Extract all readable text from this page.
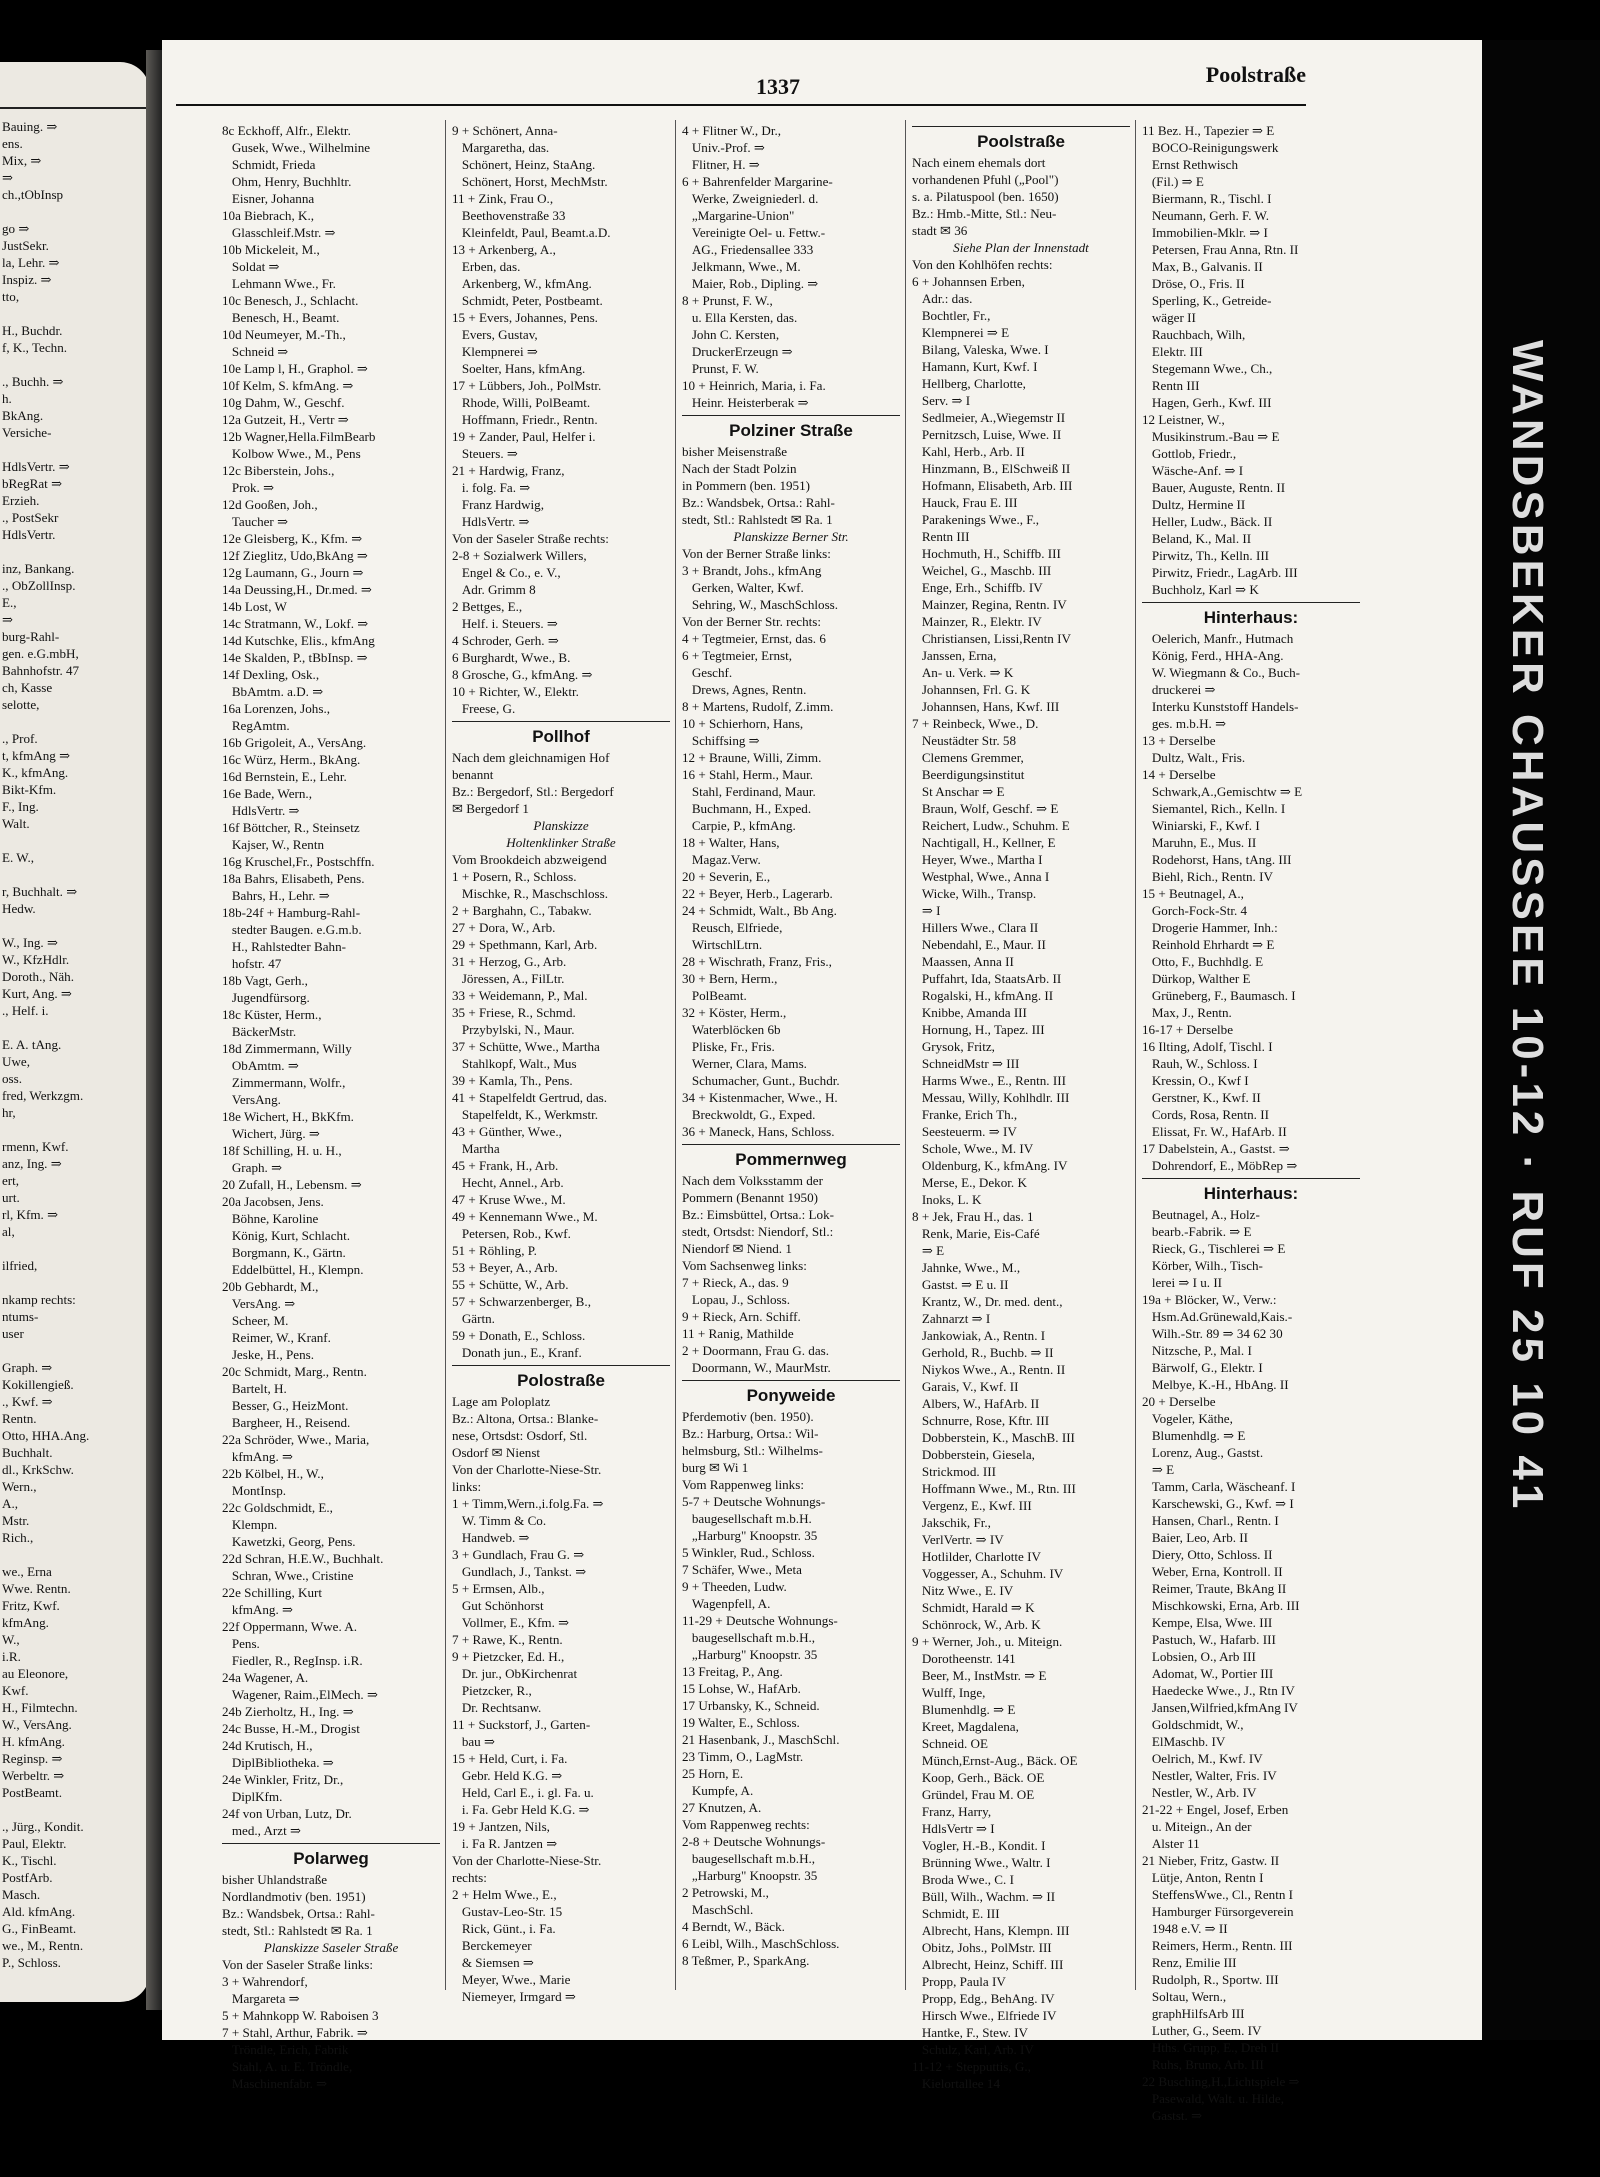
Bauing. ⇒
ens.
Mix, ⇒
⇒
ch.,tObInsp

go ⇒
JustSekr.
la, Lehr. ⇒
Inspiz. ⇒
tto,

H., Buchdr.
f, K., Techn.

., Buchh. ⇒
h.
BkAng.
Versiche-

HdlsVertr. ⇒
bRegRat ⇒
Erzieh.
., PostSekr
HdlsVertr.

inz, Bankang.
., ObZollInsp.
E.,
⇒
burg-Rahl-
gen. e.G.mbH,
Bahnhofstr. 47
ch, Kasse
selotte,

., Prof.
t, kfmAng ⇒
K., kfmAng.
Bikt-Kfm.
F., Ing.
Walt.

E. W.,

r, Buchhalt. ⇒
Hedw.

W., Ing. ⇒
W., KfzHdlr.
Doroth., Näh.
Kurt, Ang. ⇒
., Helf. i.

E. A. tAng.
Uwe,
oss.
fred, Werkzgm.
hr,

rmenn, Kwf.
anz, Ing. ⇒
ert,
urt.
rl, Kfm. ⇒
al,

ilfried,

nkamp rechts:
ntums-
user

Graph. ⇒
Kokillengieß.
., Kwf. ⇒
Rentn.
Otto, HHA.Ang.
Buchhalt.
dl., KrkSchw.
Wern.,
A.,
Mstr.
Rich.,

we., Erna
Wwe. Rentn.
Fritz, Kwf.
kfmAng.
W.,
i.R.
au Eleonore,
Kwf.
H., Filmtechn.
W., VersAng.
H. kfmAng.
Reginsp. ⇒
Werbeltr. ⇒
PostBeamt.

., Jürg., Kondit.
Paul, Elektr.
K., Tischl.
PostfArb.
Masch.
Ald. kfmAng.
G., FinBeamt.
we., M., Rentn.
P., Schloss.
1337	Poolstraße
8c Eckhoff, Alfr., Elektr.
Gusek, Wwe., Wilhelmine
Schmidt, Frieda
Ohm, Henry, Buchhltr.
Eisner, Johanna
10a Biebrach, K.,
Glasschleif.Mstr. ⇒
10b Mickeleit, M.,
Soldat ⇒
Lehmann Wwe., Fr.
10c Benesch, J., Schlacht.
Benesch, H., Beamt.
10d Neumeyer, M.-Th.,
Schneid ⇒
10e Lamp l, H., Graphol. ⇒
10f Kelm, S. kfmAng. ⇒
10g Dahm, W., Geschf.
12a Gutzeit, H., Vertr ⇒
12b Wagner,Hella.FilmBearb
Kolbow Wwe., M., Pens
12c Biberstein, Johs.,
Prok. ⇒
12d Gooßen, Joh.,
Taucher ⇒
12e Gleisberg, K., Kfm. ⇒
12f Zieglitz, Udo,BkAng ⇒
12g Laumann, G., Journ ⇒
14a Deussing,H., Dr.med. ⇒
14b Lost, W
14c Stratmann, W., Lokf. ⇒
14d Kutschke, Elis., kfmAng
14e Skalden, P., tBbInsp. ⇒
14f Dexling, Osk.,
BbAmtm. a.D. ⇒
16a Lorenzen, Johs.,
RegAmtm.
16b Grigoleit, A., VersAng.
16c Würz, Herm., BkAng.
16d Bernstein, E., Lehr.
16e Bade, Wern.,
HdlsVertr. ⇒
16f Böttcher, R., Steinsetz
Kajser, W., Rentn
16g Kruschel,Fr., Postschffn.
18a Bahrs, Elisabeth, Pens.
Bahrs, H., Lehr. ⇒
18b-24f + Hamburg-Rahl-
stedter Baugen. e.G.m.b.
H., Rahlstedter Bahn-
hofstr. 47
18b Vagt, Gerh.,
Jugendfürsorg.
18c Küster, Herm.,
BäckerMstr.
18d Zimmermann, Willy
ObAmtm. ⇒
Zimmermann, Wolfr.,
VersAng.
18e Wichert, H., BkKfm.
Wichert, Jürg. ⇒
18f Schilling, H. u. H.,
Graph. ⇒
20 Zufall, H., Lebensm. ⇒
20a Jacobsen, Jens.
Böhne, Karoline
König, Kurt, Schlacht.
Borgmann, K., Gärtn.
Eddelbüttel, H., Klempn.
20b Gebhardt, M.,
VersAng. ⇒
Scheer, M.
Reimer, W., Kranf.
Jeske, H., Pens.
20c Schmidt, Marg., Rentn.
Bartelt, H.
Besser, G., HeizMont.
Bargheer, H., Reisend.
22a Schröder, Wwe., Maria,
kfmAng. ⇒
22b Kölbel, H., W.,
MontInsp.
22c Goldschmidt, E.,
Klempn.
Kawetzki, Georg, Pens.
22d Schran, H.E.W., Buchhalt.
Schran, Wwe., Cristine
22e Schilling, Kurt
kfmAng. ⇒
22f Oppermann, Wwe. A.
Pens.
Fiedler, R., RegInsp. i.R.
24a Wagener, A.
Wagener, Raim.,ElMech. ⇒
24b Zierholtz, H., Ing. ⇒
24c Busse, H.-M., Drogist
24d Krutisch, H.,
DiplBibliotheka. ⇒
24e Winkler, Fritz, Dr.,
DiplKfm.
24f von Urban, Lutz, Dr.
med., Arzt ⇒
Polarweg
bisher Uhlandstraße
Nordlandmotiv (ben. 1951)
Bz.: Wandsbek, Ortsa.: Rahl-
stedt, Stl.: Rahlstedt ✉ Ra. 1
Planskizze Saseler Straße
Von der Saseler Straße links:
3 + Wahrendorf,
Margareta ⇒
5 + Mahnkopp W. Raboisen 3
7 + Stahl, Arthur, Fabrik. ⇒
Tröndle, Erich, Fabrik
Stahl, A. u. E. Tröndle,
Maschinenfabr. ⇒
9 + Schönert, Anna-
Margaretha, das.
Schönert, Heinz, StaAng.
Schönert, Horst, MechMstr.
11 + Zink, Frau O.,
Beethovenstraße 33
Kleinfeldt, Paul, Beamt.a.D.
13 + Arkenberg, A.,
Erben, das.
Arkenberg, W., kfmAng.
Schmidt, Peter, Postbeamt.
15 + Evers, Johannes, Pens.
Evers, Gustav,
Klempnerei ⇒
Soelter, Hans, kfmAng.
17 + Lübbers, Joh., PolMstr.
Rhode, Willi, PolBeamt.
Hoffmann, Friedr., Rentn.
19 + Zander, Paul, Helfer i.
Steuers. ⇒
21 + Hardwig, Franz,
i. folg. Fa. ⇒
Franz Hardwig,
HdlsVertr. ⇒
Von der Saseler Straße rechts:
2-8 + Sozialwerk Willers,
Engel & Co., e. V.,
Adr. Grimm 8
2 Bettges, E.,
Helf. i. Steuers. ⇒
4 Schroder, Gerh. ⇒
6 Burghardt, Wwe., B.
8 Grosche, G., kfmAng. ⇒
10 + Richter, W., Elektr.
Freese, G.
Pollhof
Nach dem gleichnamigen Hof
benannt
Bz.: Bergedorf, Stl.: Bergedorf
✉ Bergedorf 1
Planskizze
Holtenklinker Straße
Vom Brookdeich abzweigend
1 + Posern, R., Schloss.
Mischke, R., Maschschloss.
2 + Barghahn, C., Tabakw.
27 + Dora, W., Arb.
29 + Spethmann, Karl, Arb.
31 + Herzog, G., Arb.
Jöressen, A., FilLtr.
33 + Weidemann, P., Mal.
35 + Friese, R., Schmd.
Przybylski, N., Maur.
37 + Schütte, Wwe., Martha
Stahlkopf, Walt., Mus
39 + Kamla, Th., Pens.
41 + Stapelfeldt Gertrud, das.
Stapelfeldt, K., Werkmstr.
43 + Günther, Wwe.,
Martha
45 + Frank, H., Arb.
Hecht, Annel., Arb.
47 + Kruse Wwe., M.
49 + Kennemann Wwe., M.
Petersen, Rob., Kwf.
51 + Röhling, P.
53 + Beyer, A., Arb.
55 + Schütte, W., Arb.
57 + Schwarzenberger, B.,
Gärtn.
59 + Donath, E., Schloss.
Donath jun., E., Kranf.
Polostraße
Lage am Poloplatz
Bz.: Altona, Ortsa.: Blanke-
nese, Ortsdst: Osdorf, Stl.
Osdorf ✉ Nienst
Von der Charlotte-Niese-Str.
links:
1 + Timm,Wern.,i.folg.Fa. ⇒
W. Timm & Co.
Handweb. ⇒
3 + Gundlach, Frau G. ⇒
Gundlach, J., Tankst. ⇒
5 + Ermsen, Alb.,
Gut Schönhorst
Vollmer, E., Kfm. ⇒
7 + Rawe, K., Rentn.
9 + Pietzcker, Ed. H.,
Dr. jur., ObKirchenrat
Pietzcker, R.,
Dr. Rechtsanw.
11 + Suckstorf, J., Garten-
bau ⇒
15 + Held, Curt, i. Fa.
Gebr. Held K.G. ⇒
Held, Carl E., i. gl. Fa. u.
i. Fa. Gebr Held K.G. ⇒
19 + Jantzen, Nils,
i. Fa R. Jantzen ⇒
Von der Charlotte-Niese-Str.
rechts:
2 + Helm Wwe., E.,
Gustav-Leo-Str. 15
Rick, Günt., i. Fa.
Berckemeyer
& Siemsen ⇒
Meyer, Wwe., Marie
Niemeyer, Irmgard ⇒
4 + Flitner W., Dr.,
Univ.-Prof. ⇒
Flitner, H. ⇒
6 + Bahrenfelder Margarine-
Werke, Zweigniederl. d.
„Margarine-Union"
Vereinigte Oel- u. Fettw.-
AG., Friedensallee 333
Jelkmann, Wwe., M.
Maier, Rob., Dipling. ⇒
8 + Prunst, F. W.,
u. Ella Kersten, das.
John C. Kersten,
DruckerErzeugn ⇒
Prunst, F. W.
10 + Heinrich, Maria, i. Fa.
Heinr. Heisterberak ⇒
Polziner Straße
bisher Meisenstraße
Nach der Stadt Polzin
in Pommern (ben. 1951)
Bz.: Wandsbek, Ortsa.: Rahl-
stedt, Stl.: Rahlstedt ✉ Ra. 1
Planskizze Berner Str.
Von der Berner Straße links:
3 + Brandt, Johs., kfmAng
Gerken, Walter, Kwf.
Sehring, W., MaschSchloss.
Von der Berner Str. rechts:
4 + Tegtmeier, Ernst, das. 6
6 + Tegtmeier, Ernst,
Geschf.
Drews, Agnes, Rentn.
8 + Martens, Rudolf, Z.imm.
10 + Schierhorn, Hans,
Schiffsing ⇒
12 + Braune, Willi, Zimm.
16 + Stahl, Herm., Maur.
Stahl, Ferdinand, Maur.
Buchmann, H., Exped.
Carpie, P., kfmAng.
18 + Walter, Hans,
Magaz.Verw.
20 + Severin, E.,
22 + Beyer, Herb., Lagerarb.
24 + Schmidt, Walt., Bb Ang.
Reusch, Elfriede,
WirtschlLtrn.
28 + Wischrath, Franz, Fris.,
30 + Bern, Herm.,
PolBeamt.
32 + Köster, Herm.,
Waterblöcken 6b
Pliske, Fr., Fris.
Werner, Clara, Mams.
Schumacher, Gunt., Buchdr.
34 + Kistenmacher, Wwe., H.
Breckwoldt, G., Exped.
36 + Maneck, Hans, Schloss.
Pommernweg
Nach dem Volksstamm der
Pommern (Benannt 1950)
Bz.: Eimsbüttel, Ortsa.: Lok-
stedt, Ortsdst: Niendorf, Stl.:
Niendorf ✉ Niend. 1
Vom Sachsenweg links:
7 + Rieck, A., das. 9
Lopau, J., Schloss.
9 + Rieck, Arn. Schiff.
11 + Ranig, Mathilde
2 + Doormann, Frau G. das.
Doormann, W., MaurMstr.
Ponyweide
Pferdemotiv (ben. 1950).
Bz.: Harburg, Ortsa.: Wil-
helmsburg, Stl.: Wilhelms-
burg ✉ Wi 1
Vom Rappenweg links:
5-7 + Deutsche Wohnungs-
baugesellschaft m.b.H.
„Harburg" Knoopstr. 35
5 Winkler, Rud., Schloss.
7 Schäfer, Wwe., Meta
9 + Theeden, Ludw.
Wagenpfell, A.
11-29 + Deutsche Wohnungs-
baugesellschaft m.b.H.,
„Harburg" Knoopstr. 35
13 Freitag, P., Ang.
15 Lohse, W., HafArb.
17 Urbansky, K., Schneid.
19 Walter, E., Schloss.
21 Hasenbank, J., MaschSchl.
23 Timm, O., LagMstr.
25 Horn, E.
Kumpfe, A.
27 Knutzen, A.
Vom Rappenweg rechts:
2-8 + Deutsche Wohnungs-
baugesellschaft m.b.H.,
„Harburg" Knoopstr. 35
2 Petrowski, M.,
MaschSchl.
4 Berndt, W., Bäck.
6 Leibl, Wilh., MaschSchloss.
8 Teßmer, P., SparkAng.
Poolstraße
Nach einem ehemals dort
vorhandenen Pfuhl („Pool")
s. a. Pilatuspool (ben. 1650)
Bz.: Hmb.-Mitte, Stl.: Neu-
stadt ✉ 36
Siehe Plan der Innenstadt
Von den Kohlhöfen rechts:
6 + Johannsen Erben,
Adr.: das.
Bochtler, Fr.,
Klempnerei ⇒ E
Bilang, Valeska, Wwe. I
Hamann, Kurt, Kwf. I
Hellberg, Charlotte,
Serv. ⇒ I
Sedlmeier, A.,Wiegemstr II
Pernitzsch, Luise, Wwe. II
Kahl, Herb., Arb. II
Hinzmann, B., ElSchweiß II
Hofmann, Elisabeth, Arb. III
Hauck, Frau E. III
Parakenings Wwe., F.,
Rentn III
Hochmuth, H., Schiffb. III
Weichel, G., Maschb. III
Enge, Erh., Schiffb. IV
Mainzer, Regina, Rentn. IV
Mainzer, R., Elektr. IV
Christiansen, Lissi,Rentn IV
Janssen, Erna,
An- u. Verk. ⇒ K
Johannsen, Frl. G. K
Johannsen, Hans, Kwf. III
7 + Reinbeck, Wwe., D.
Neustädter Str. 58
Clemens Gremmer,
Beerdigungsinstitut
St Anschar ⇒ E
Braun, Wolf, Geschf. ⇒ E
Reichert, Ludw., Schuhm. E
Nachtigall, H., Kellner, E
Heyer, Wwe., Martha I
Westphal, Wwe., Anna I
Wicke, Wilh., Transp.
⇒ I
Hillers Wwe., Clara II
Nebendahl, E., Maur. II
Maassen, Anna II
Puffahrt, Ida, StaatsArb. II
Rogalski, H., kfmAng. II
Knibbe, Amanda III
Hornung, H., Tapez. III
Grysok, Fritz,
SchneidMstr ⇒ III
Harms Wwe., E., Rentn. III
Messau, Willy, Kohlhdlr. III
Franke, Erich Th.,
Seesteuerm. ⇒ IV
Schole, Wwe., M. IV
Oldenburg, K., kfmAng. IV
Merse, E., Dekor. K
Inoks, L. K
8 + Jek, Frau H., das. 1
Renk, Marie, Eis-Café
⇒ E
Jahnke, Wwe., M.,
Gastst. ⇒ E u. II
Krantz, W., Dr. med. dent.,
Zahnarzt ⇒ I
Jankowiak, A., Rentn. I
Gerhold, R., Buchb. ⇒ II
Niykos Wwe., A., Rentn. II
Garais, V., Kwf. II
Albers, W., HafArb. II
Schnurre, Rose, Kftr. III
Dobberstein, K., MaschB. III
Dobberstein, Giesela,
Strickmod. III
Hoffmann Wwe., M., Rtn. III
Vergenz, E., Kwf. III
Jakschik, Fr.,
VerlVertr. ⇒ IV
Hotlilder, Charlotte IV
Voggesser, A., Schuhm. IV
Nitz Wwe., E. IV
Schmidt, Harald ⇒ K
Schönrock, W., Arb. K
9 + Werner, Joh., u. Miteign.
Dorotheenstr. 141
Beer, M., InstMstr. ⇒ E
Wulff, Inge,
Blumenhdlg. ⇒ E
Kreet, Magdalena,
Schneid. OE
Münch,Ernst-Aug., Bäck. OE
Koop, Gerh., Bäck. OE
Gründel, Frau M. OE
Franz, Harry,
HdlsVertr ⇒ I
Vogler, H.-B., Kondit. I
Brünning Wwe., Waltr. I
Broda Wwe., C. I
Büll, Wilh., Wachm. ⇒ II
Schmidt, E. III
Albrecht, Hans, Klempn. III
Obitz, Johs., PolMstr. III
Albrecht, Heinz, Schiff. III
Propp, Paula IV
Propp, Edg., BehAng. IV
Hirsch Wwe., Elfriede IV
Hantke, F., Stew. IV
Schulz, Karl, Arb. IV
11-12 + Stepputtis, G.,
Kielortallee 14
11 Bez. H., Tapezier ⇒ E
BOCO-Reinigungswerk
Ernst Rethwisch
(Fil.) ⇒ E
Biermann, R., Tischl. I
Neumann, Gerh. F. W.
Immobilien-Mklr. ⇒ I
Petersen, Frau Anna, Rtn. II
Max, B., Galvanis. II
Dröse, O., Fris. II
Sperling, K., Getreide-
wäger II
Rauchbach, Wilh,
Elektr. III
Stegemann Wwe., Ch.,
Rentn III
Hagen, Gerh., Kwf. III
12 Leistner, W.,
Musikinstrum.-Bau ⇒ E
Gottlob, Friedr.,
Wäsche-Anf. ⇒ I
Bauer, Auguste, Rentn. II
Dultz, Hermine II
Heller, Ludw., Bäck. II
Beland, K., Mal. II
Pirwitz, Th., Kelln. III
Pirwitz, Friedr., LagArb. III
Buchholz, Karl ⇒ K
Hinterhaus:
Oelerich, Manfr., Hutmach
König, Ferd., HHA-Ang.
W. Wiegmann & Co., Buch-
druckerei ⇒
Interku Kunststoff Handels-
ges. m.b.H. ⇒
13 + Derselbe
Dultz, Walt., Fris.
14 + Derselbe
Schwark,A.,Gemischtw ⇒ E
Siemantel, Rich., Kelln. I
Winiarski, F., Kwf. I
Maruhn, E., Mus. II
Rodehorst, Hans, tAng. III
Biehl, Rich., Rentn. IV
15 + Beutnagel, A.,
Gorch-Fock-Str. 4
Drogerie Hammer, Inh.:
Reinhold Ehrhardt ⇒ E
Otto, F., Buchhdlg. E
Dürkop, Walther E
Grüneberg, F., Baumasch. I
Max, J., Rentn.
16-17 + Derselbe
16 Ilting, Adolf, Tischl. I
Rauh, W., Schloss. I
Kressin, O., Kwf I
Gerstner, K., Kwf. II
Cords, Rosa, Rentn. II
Elissat, Fr. W., HafArb. II
17 Dabelstein, A., Gastst. ⇒
Dohrendorf, E., MöbRep ⇒
Hinterhaus:
Beutnagel, A., Holz-
bearb.-Fabrik. ⇒ E
Rieck, G., Tischlerei ⇒ E
Körber, Wilh., Tisch-
lerei ⇒ I u. II
19a + Blöcker, W., Verw.:
Hsm.Ad.Grünewald,Kais.-
Wilh.-Str. 89 ⇒ 34 62 30
Nitzsche, P., Mal. I
Bärwolf, G., Elektr. I
Melbye, K.-H., HbAng. II
20 + Derselbe
Vogeler, Käthe,
Blumenhdlg. ⇒ E
Lorenz, Aug., Gastst.
⇒ E
Tamm, Carla, Wäscheanf. I
Karschewski, G., Kwf. ⇒ I
Hansen, Charl., Rentn. I
Baier, Leo, Arb. II
Diery, Otto, Schloss. II
Weber, Erna, Kontroll. II
Reimer, Traute, BkAng II
Mischkowski, Erna, Arb. III
Kempe, Elsa, Wwe. III
Pastuch, W., Hafarb. III
Lobsien, O., Arb III
Adomat, W., Portier III
Haedecke Wwe., J., Rtn IV
Jansen,Wilfried,kfmAng IV
Goldschmidt, W.,
ElMaschb. IV
Oelrich, M., Kwf. IV
Nestler, Walter, Fris. IV
Nestler, W., Arb. IV
21-22 + Engel, Josef, Erben
u. Miteign., An der
Alster 11
21 Nieber, Fritz, Gastw. II
Lütje, Anton, Rentn I
SteffensWwe., Cl., Rentn I
Hamburger Fürsorgeverein
1948 e.V. ⇒ II
Reimers, Herm., Rentn. III
Renz, Emilie III
Rudolph, R., Sportw. III
Soltau, Wern.,
graphHilfsArb III
Luther, G., Seem. IV
Hths. Grupp, E., Dreh II
Ruhs, Bruno, Arb. III
22 Busching,H.,Lichtspiele ⇒
Pasewald, Walt. u. Hilde,
Gastst. ⇒
WANDSBEKER CHAUSSEE 10-12 · RUF 25 10 41
